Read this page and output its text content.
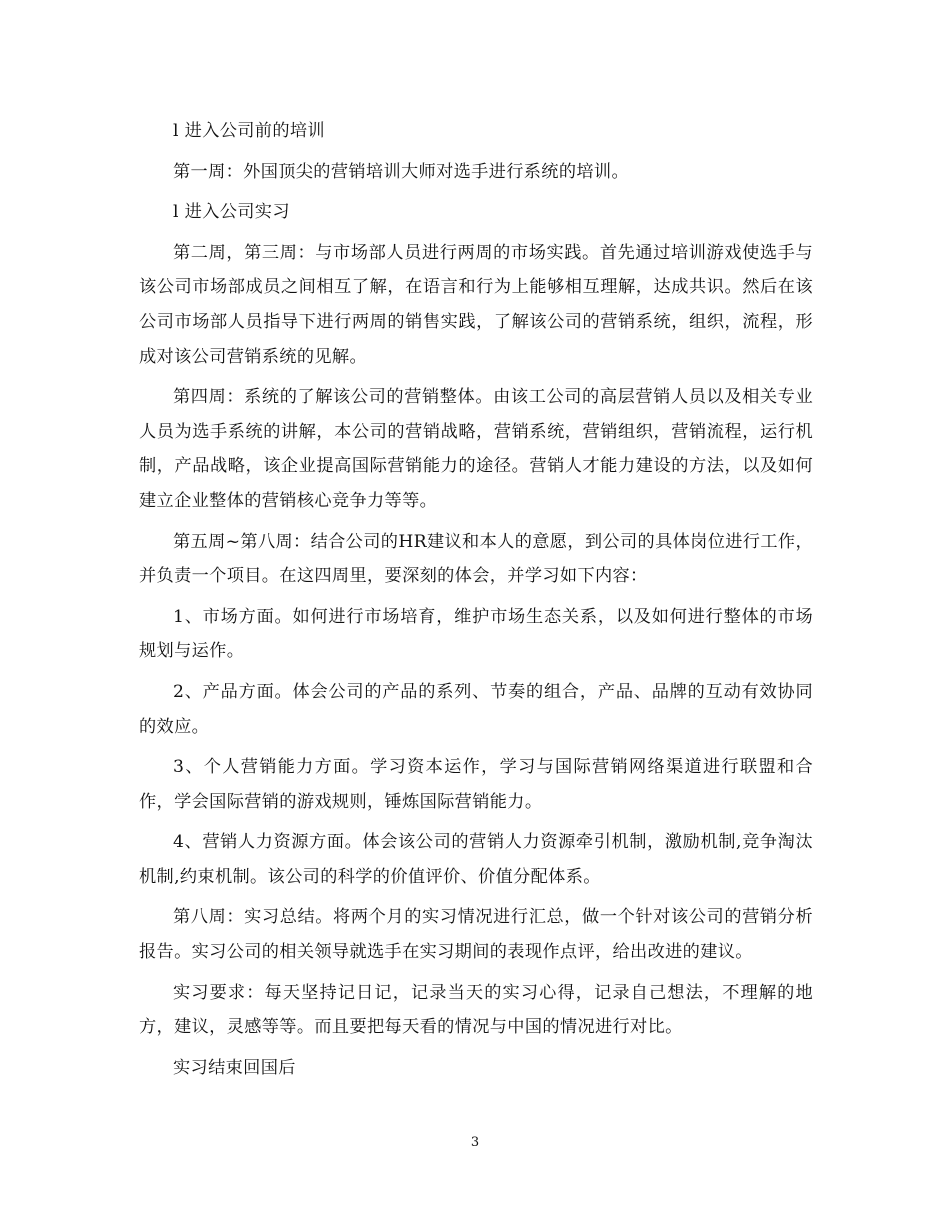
l 进入公司前的培训

第一周：外国顶尖的营销培训大师对选手进行系统的培训。

l 进入公司实习

第二周，第三周：与市场部人员进行两周的市场实践。首先通过培训游戏使选手与该公司市场部成员之间相互了解，在语言和行为上能够相互理解，达成共识。然后在该公司市场部人员指导下进行两周的销售实践，了解该公司的营销系统，组织，流程，形成对该公司营销系统的见解。

第四周：系统的了解该公司的营销整体。由该工公司的高层营销人员以及相关专业人员为选手系统的讲解，本公司的营销战略，营销系统，营销组织，营销流程，运行机制，产品战略，该企业提高国际营销能力的途径。营销人才能力建设的方法，以及如何建立企业整体的营销核心竞争力等等。

第五周~第八周：结合公司的HR建议和本人的意愿，到公司的具体岗位进行工作，并负责一个项目。在这四周里，要深刻的体会，并学习如下内容：

1、市场方面。如何进行市场培育，维护市场生态关系，以及如何进行整体的市场规划与运作。

2、产品方面。体会公司的产品的系列、节奏的组合，产品、品牌的互动有效协同的效应。

3、个人营销能力方面。学习资本运作，学习与国际营销网络渠道进行联盟和合作，学会国际营销的游戏规则，锤炼国际营销能力。

4、营销人力资源方面。体会该公司的营销人力资源牵引机制，激励机制,竞争淘汰机制,约束机制。该公司的科学的价值评价、价值分配体系。

第八周：实习总结。将两个月的实习情况进行汇总，做一个针对该公司的营销分析报告。实习公司的相关领导就选手在实习期间的表现作点评，给出改进的建议。

实习要求：每天坚持记日记，记录当天的实习心得，记录自己想法，不理解的地方，建议，灵感等等。而且要把每天看的情况与中国的情况进行对比。

实习结束回国后

3
